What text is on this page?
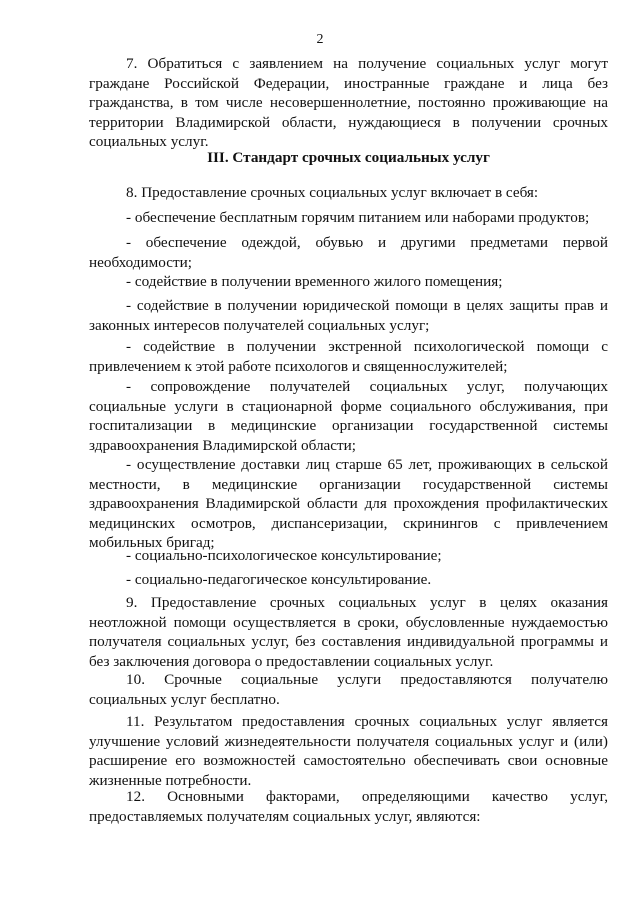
2

7. Обратиться с заявлением на получение социальных услуг могут граждане Российской Федерации, иностранные граждане и лица без гражданства, в том числе несовершеннолетние, постоянно проживающие на территории Владимирской области, нуждающиеся в получении срочных социальных услуг.

III. Стандарт срочных социальных услуг

8. Предоставление срочных социальных услуг включает в себя:

- обеспечение бесплатным горячим питанием или наборами продуктов;

- обеспечение одеждой, обувью и другими предметами первой необходимости;

- содействие в получении временного жилого помещения;

- содействие в получении юридической помощи в целях защиты прав и законных интересов получателей социальных услуг;

- содействие в получении экстренной психологической помощи с привлечением к этой работе психологов и священнослужителей;

- сопровождение получателей социальных услуг, получающих социальные услуги в стационарной форме социального обслуживания, при госпитализации в медицинские организации государственной системы здравоохранения Владимирской области;

- осуществление доставки лиц старше 65 лет, проживающих в сельской местности, в медицинские организации государственной системы здравоохранения Владимирской области для прохождения профилактических медицинских осмотров, диспансеризации, скринингов с привлечением мобильных бригад;

- социально-психологическое консультирование;

- социально-педагогическое консультирование.

9. Предоставление срочных социальных услуг в целях оказания неотложной помощи осуществляется в сроки, обусловленные нуждаемостью получателя социальных услуг, без составления индивидуальной программы и без заключения договора о предоставлении социальных услуг.

10. Срочные социальные услуги предоставляются получателю социальных услуг бесплатно.

11. Результатом предоставления срочных социальных услуг является улучшение условий жизнедеятельности получателя социальных услуг и (или) расширение его возможностей самостоятельно обеспечивать свои основные жизненные потребности.

12. Основными факторами, определяющими качество услуг, предоставляемых получателям социальных услуг, являются:
